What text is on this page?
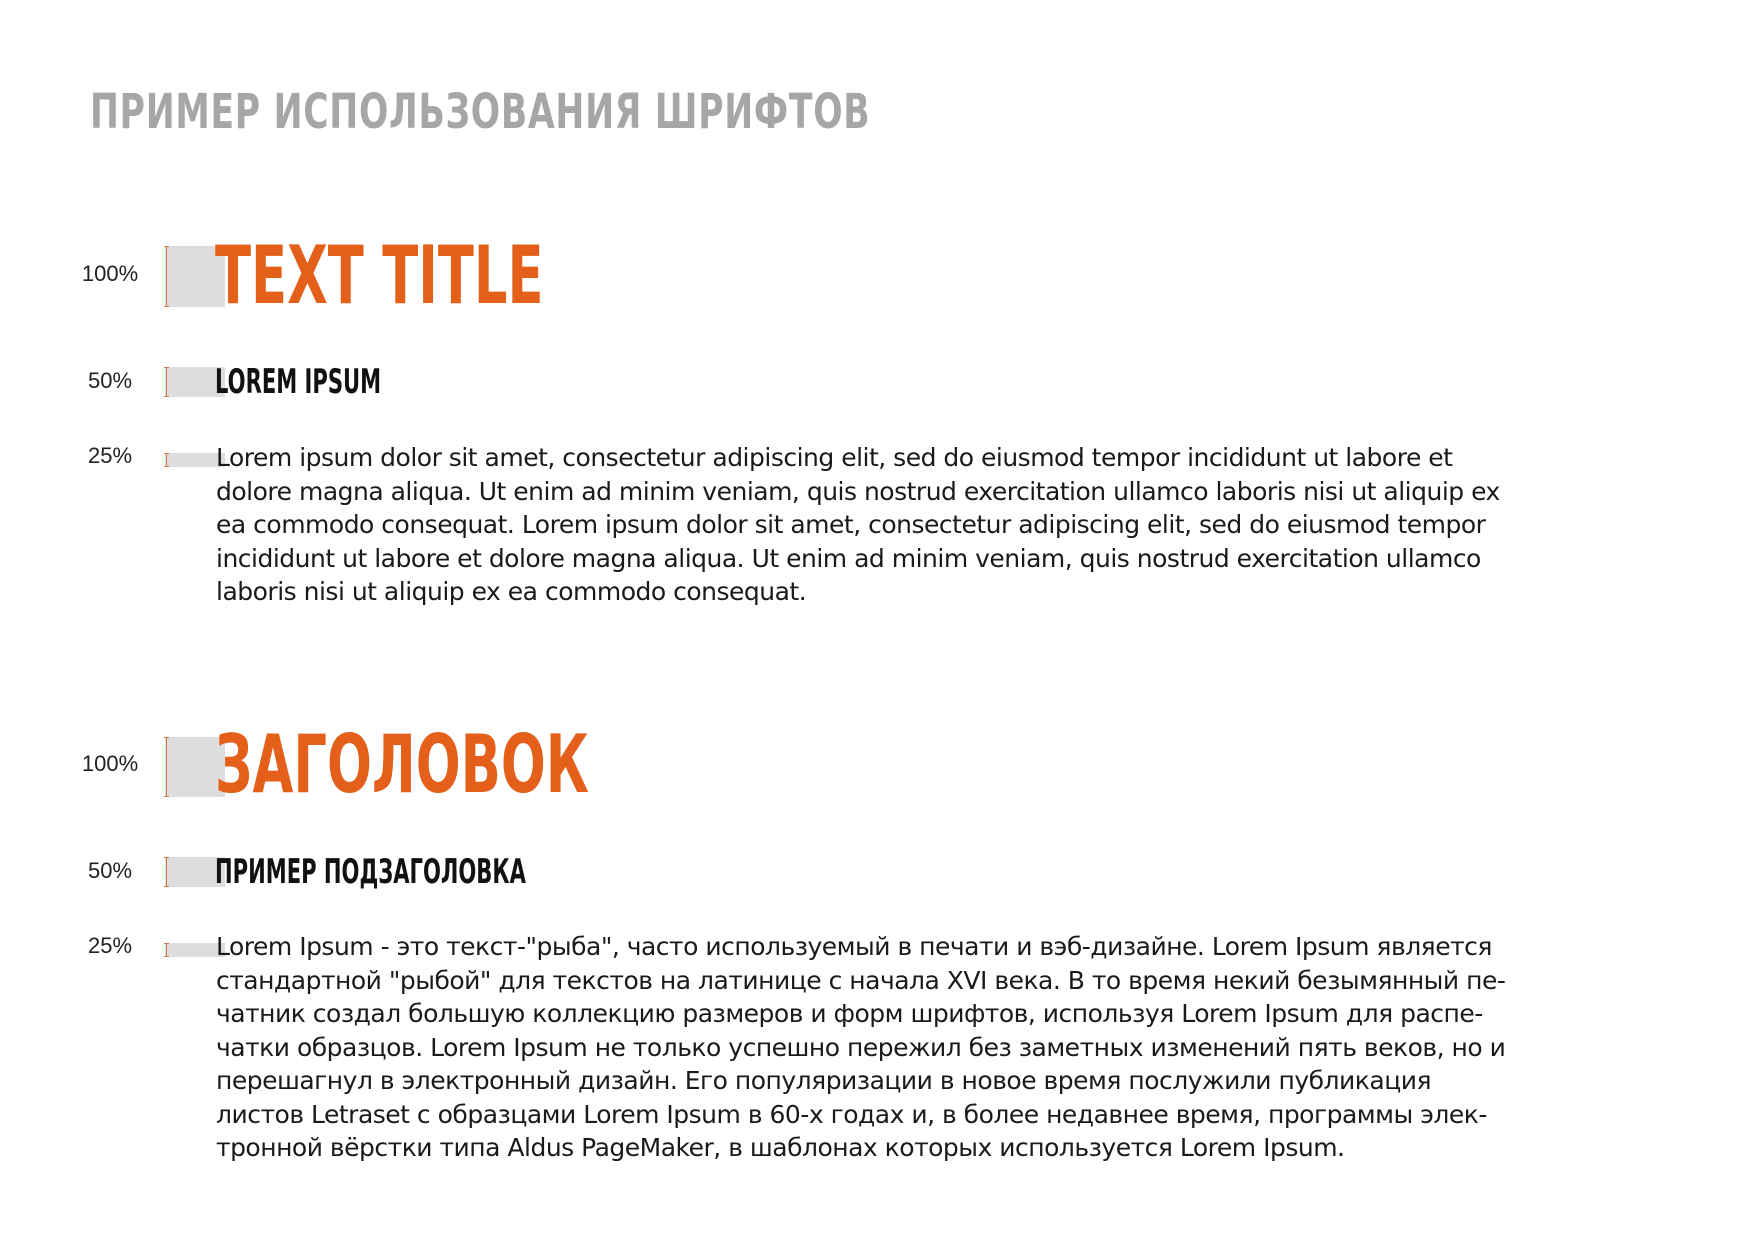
ПРИМЕР ИСПОЛЬЗОВАНИЯ ШРИФТОВ
100% TEXT TITLE
50%	LOREM IPSUM
25%	Lorem ipsum dolor sit amet, consectetur adipiscing elit, sed do eiusmod tempor incididunt ut labore et
dolore magna aliqua. Ut enim ad minim veniam, quis nostrud exercitation ullamco laboris nisi ut aliquip ex
ea commodo consequat. Lorem ipsum dolor sit amet, consectetur adipiscing elit, sed do eiusmod tempor
incididunt ut labore et dolore magna aliqua. Ut enim ad minim veniam, quis nostrud exercitation ullamco
laboris nisi ut aliquip ex ea commodo consequat.

100% ЗАГОЛОВОК
50%	ПРИМЕР ПОДЗАГОЛОВКА
25%	Lorem Ipsum - это текст-"рыба", часто используемый в печати и вэб-дизайне. Lorem Ipsum является
стандартной "рыбой" для текстов на латинице с начала XVI века. В то время некий безымянный пе-
чатник создал большую коллекцию размеров и форм шрифтов, используя Lorem Ipsum для распе-
чатки образцов. Lorem Ipsum не только успешно пережил без заметных изменений пять веков, но и
перешагнул в электронный дизайн. Его популяризации в новое время послужили публикация
листов Letraset с образцами Lorem Ipsum в 60-х годах и, в более недавнее время, программы элек-
тронной вёрстки типа Aldus PageMaker, в шаблонах которых используется Lorem Ipsum.
